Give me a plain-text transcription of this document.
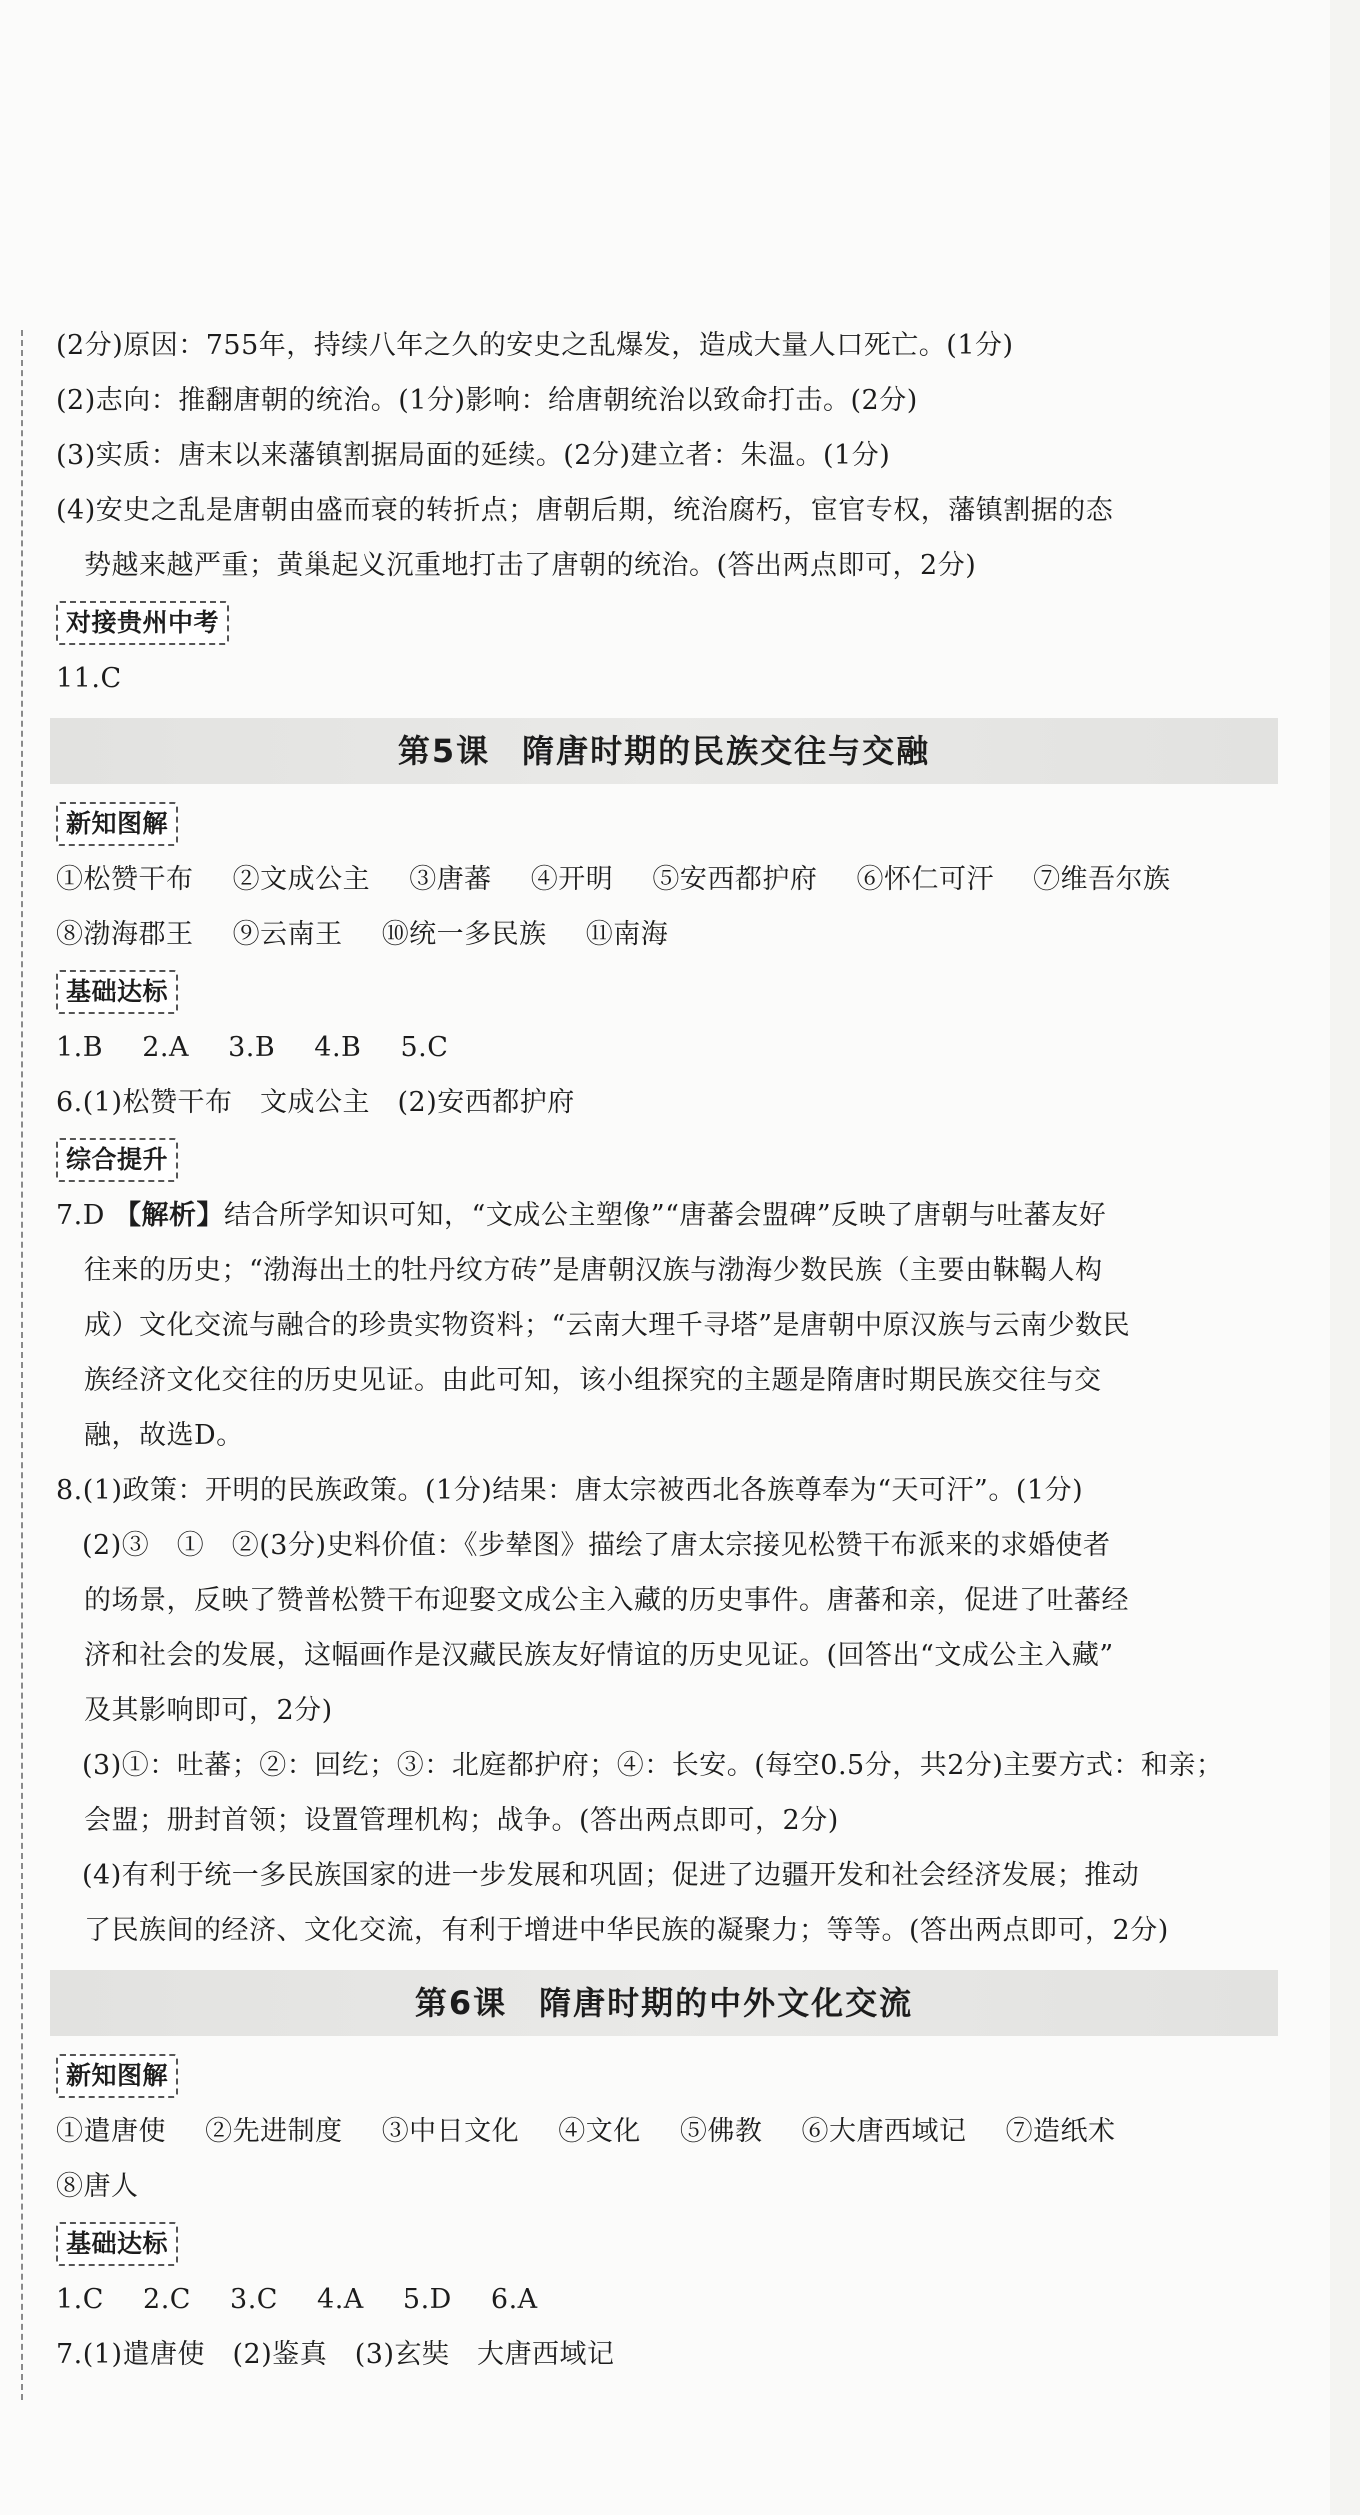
(2分)原因：755年，持续八年之久的安史之乱爆发，造成大量人口死亡。(1分)
(2)志向：推翻唐朝的统治。(1分)影响：给唐朝统治以致命打击。(2分)
(3)实质：唐末以来藩镇割据局面的延续。(2分)建立者：朱温。(1分)
(4)安史之乱是唐朝由盛而衰的转折点；唐朝后期，统治腐朽，宦官专权，藩镇割据的态
势越来越严重；黄巢起义沉重地打击了唐朝的统治。(答出两点即可，2分)
对接贵州中考
11.C
第5课 隋唐时期的民族交往与交融
新知图解
①松赞干布 ②文成公主 ③唐蕃 ④开明 ⑤安西都护府 ⑥怀仁可汗 ⑦维吾尔族
⑧渤海郡王 ⑨云南王 ⑩统一多民族 ⑪南海
基础达标
1.B 2.A 3.B 4.B 5.C
6.(1)松赞干布　文成公主　(2)安西都护府
综合提升
7.D 【解析】结合所学知识可知，“文成公主塑像”“唐蕃会盟碑”反映了唐朝与吐蕃友好
往来的历史；“渤海出土的牡丹纹方砖”是唐朝汉族与渤海少数民族（主要由靺鞨人构
成）文化交流与融合的珍贵实物资料；“云南大理千寻塔”是唐朝中原汉族与云南少数民
族经济文化交往的历史见证。由此可知，该小组探究的主题是隋唐时期民族交往与交
融，故选D。
8.(1)政策：开明的民族政策。(1分)结果：唐太宗被西北各族尊奉为“天可汗”。(1分)
(2)③　①　②(3分)史料价值：《步辇图》描绘了唐太宗接见松赞干布派来的求婚使者
的场景，反映了赞普松赞干布迎娶文成公主入藏的历史事件。唐蕃和亲，促进了吐蕃经
济和社会的发展，这幅画作是汉藏民族友好情谊的历史见证。(回答出“文成公主入藏”
及其影响即可，2分)
(3)①：吐蕃；②：回纥；③：北庭都护府；④：长安。(每空0.5分，共2分)主要方式：和亲；
会盟；册封首领；设置管理机构；战争。(答出两点即可，2分)
(4)有利于统一多民族国家的进一步发展和巩固；促进了边疆开发和社会经济发展；推动
了民族间的经济、文化交流，有利于增进中华民族的凝聚力；等等。(答出两点即可，2分)
第6课 隋唐时期的中外文化交流
新知图解
①遣唐使 ②先进制度 ③中日文化 ④文化 ⑤佛教 ⑥大唐西域记 ⑦造纸术
⑧唐人
基础达标
1.C 2.C 3.C 4.A 5.D 6.A
7.(1)遣唐使　(2)鉴真　(3)玄奘　大唐西域记
